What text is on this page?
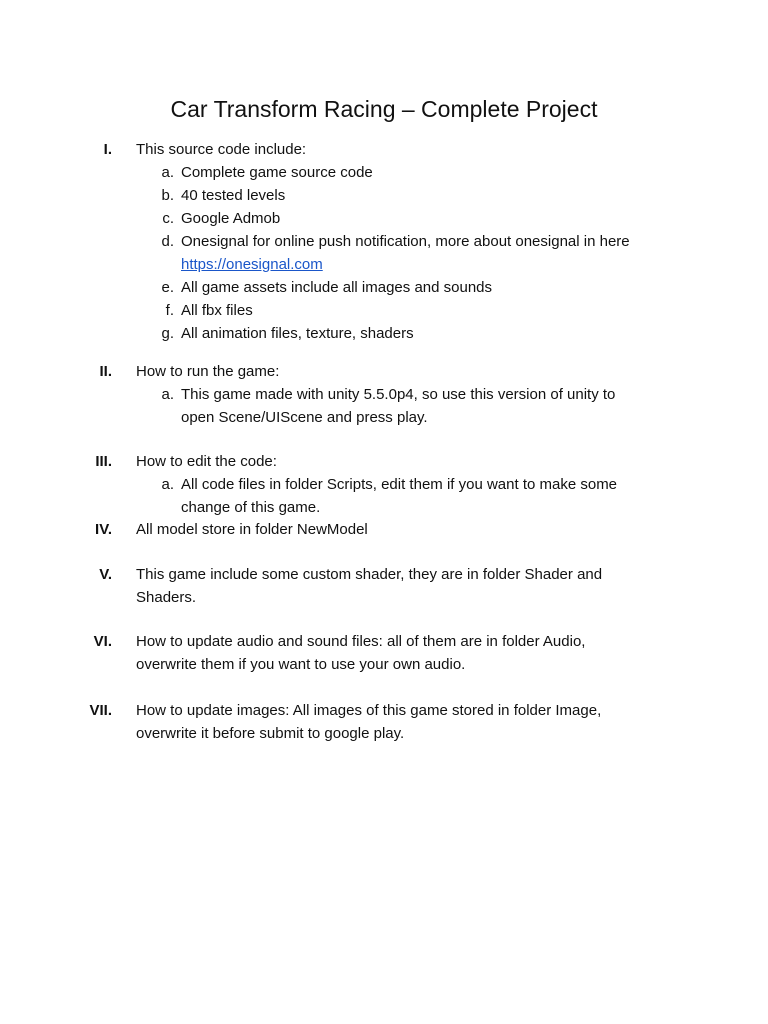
Car Transform Racing – Complete Project
I. This source code include:
a. Complete game source code
b. 40 tested levels
c. Google Admob
d. Onesignal for online push notification, more about onesignal in here
https://onesignal.com
e. All game assets include all images and sounds
f. All fbx files
g. All animation files, texture, shaders
II. How to run the game:
a. This game made with unity 5.5.0p4, so use this version of unity to open Scene/UIScene and press play.
III. How to edit the code:
a. All code files in folder Scripts, edit them if you want to make some change of this game.
IV. All model store in folder NewModel
V. This game include some custom shader, they are in folder Shader and Shaders.
VI. How to update audio and sound files: all of them are in folder Audio, overwrite them if you want to use your own audio.
VII. How to update images: All images of this game stored in folder Image, overwrite it before submit to google play.
